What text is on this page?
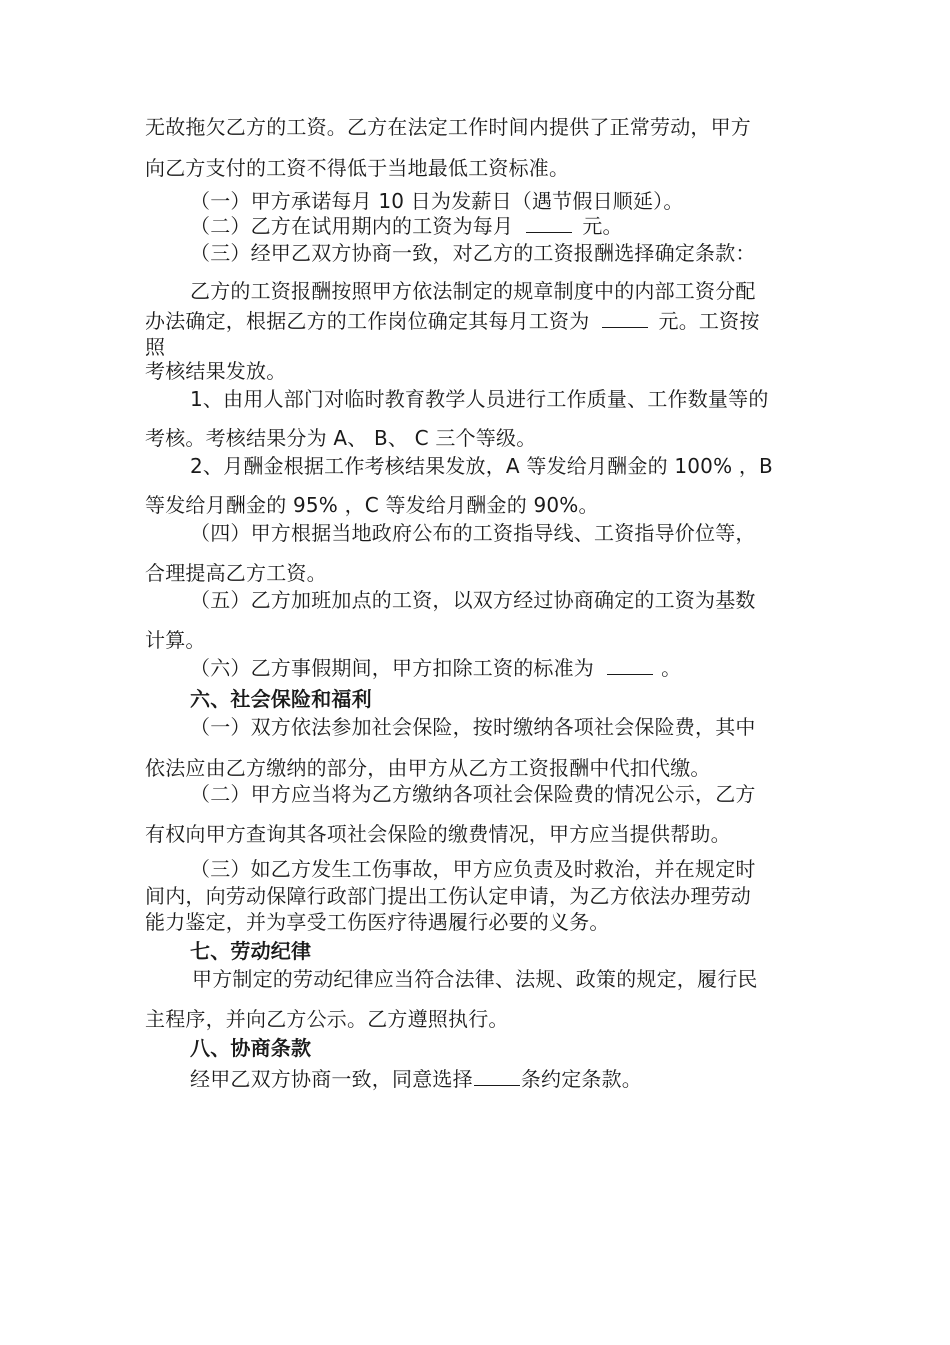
无故拖欠乙方的工资。乙方在法定工作时间内提供了正常劳动，甲方
向乙方支付的工资不得低于当地最低工资标准。
（一）甲方承诺每月 10 日为发薪日（遇节假日顺延）。
（二）乙方在试用期内的工资为每月	元。
（三）经甲乙双方协商一致，对乙方的工资报酬选择确定条款：
乙方的工资报酬按照甲方依法制定的规章制度中的内部工资分配
办法确定，根据乙方的工作岗位确定其每月工资为	元。工资按
照
考核结果发放。
1、由用人部门对临时教育教学人员进行工作质量、工作数量等的
考核。考核结果分为 A、 B、 C 三个等级。
2、月酬金根据工作考核结果发放，A 等发给月酬金的 100% ，B
等发给月酬金的 95% ，C 等发给月酬金的 90%。
（四）甲方根据当地政府公布的工资指导线、工资指导价位等，
合理提高乙方工资。
（五）乙方加班加点的工资，以双方经过协商确定的工资为基数
计算。
（六）乙方事假期间，甲方扣除工资的标准为	。
六、社会保险和福利
（一）双方依法参加社会保险，按时缴纳各项社会保险费，其中
依法应由乙方缴纳的部分，由甲方从乙方工资报酬中代扣代缴。
（二）甲方应当将为乙方缴纳各项社会保险费的情况公示，乙方
有权向甲方查询其各项社会保险的缴费情况，甲方应当提供帮助。
（三）如乙方发生工伤事故，甲方应负责及时救治，并在规定时
间内，向劳动保障行政部门提出工伤认定申请，为乙方依法办理劳动
能力鉴定，并为享受工伤医疗待遇履行必要的义务。
七、劳动纪律
甲方制定的劳动纪律应当符合法律、法规、政策的规定，履行民
主程序，并向乙方公示。乙方遵照执行。
八、协商条款
经甲乙双方协商一致，同意选择 条约定条款。
